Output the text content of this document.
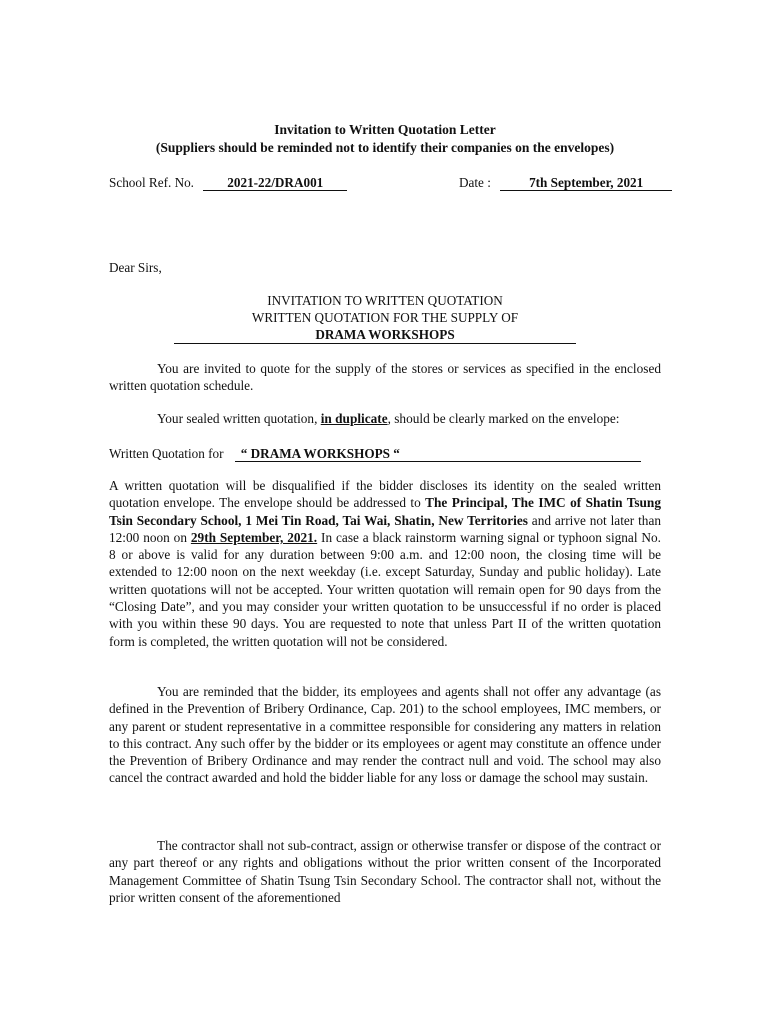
Invitation to Written Quotation Letter
(Suppliers should be reminded not to identify their companies on the envelopes)
School Ref. No.	2021-22/DRA001	Date :	7th September, 2021
Dear Sirs,
INVITATION TO WRITTEN QUOTATION
WRITTEN QUOTATION FOR THE SUPPLY OF
DRAMA WORKSHOPS
You are invited to quote for the supply of the stores or services as specified in the enclosed written quotation schedule.
Your sealed written quotation, in duplicate, should be clearly marked on the envelope:
Written Quotation for “ DRAMA WORKSHOPS “
A written quotation will be disqualified if the bidder discloses its identity on the sealed written quotation envelope. The envelope should be addressed to The Principal, The IMC of Shatin Tsung Tsin Secondary School, 1 Mei Tin Road, Tai Wai, Shatin, New Territories and arrive not later than 12:00 noon on 29th September, 2021. In case a black rainstorm warning signal or typhoon signal No. 8 or above is valid for any duration between 9:00 a.m. and 12:00 noon, the closing time will be extended to 12:00 noon on the next weekday (i.e. except Saturday, Sunday and public holiday). Late written quotations will not be accepted. Your written quotation will remain open for 90 days from the “Closing Date”, and you may consider your written quotation to be unsuccessful if no order is placed with you within these 90 days. You are requested to note that unless Part II of the written quotation form is completed, the written quotation will not be considered.
You are reminded that the bidder, its employees and agents shall not offer any advantage (as defined in the Prevention of Bribery Ordinance, Cap. 201) to the school employees, IMC members, or any parent or student representative in a committee responsible for considering any matters in relation to this contract. Any such offer by the bidder or its employees or agent may constitute an offence under the Prevention of Bribery Ordinance and may render the contract null and void. The school may also cancel the contract awarded and hold the bidder liable for any loss or damage the school may sustain.
The contractor shall not sub-contract, assign or otherwise transfer or dispose of the contract or any part thereof or any rights and obligations without the prior written consent of the Incorporated Management Committee of Shatin Tsung Tsin Secondary School. The contractor shall not, without the prior written consent of the aforementioned
